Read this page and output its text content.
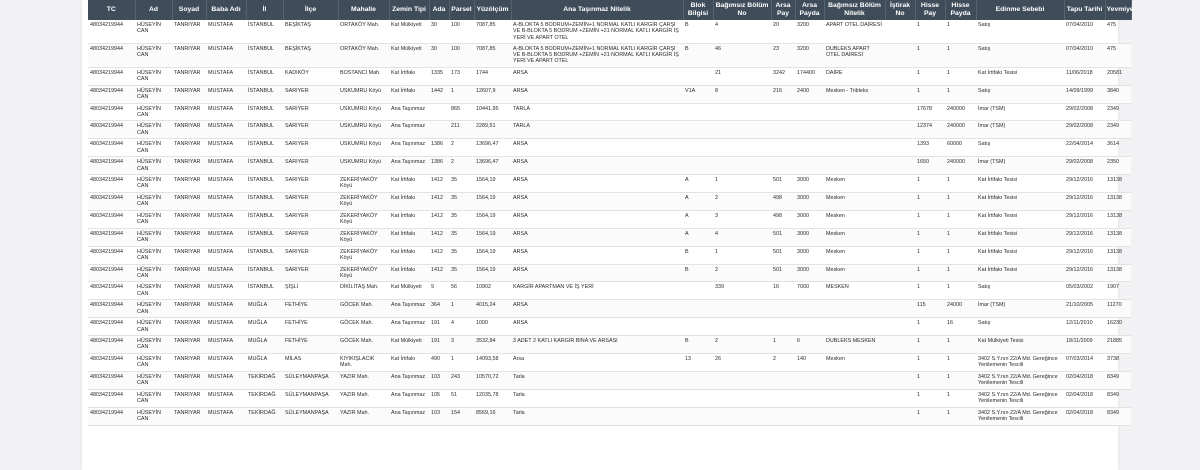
TC	Ad	Soyad	Baba Adı	İl	İlçe	Mahalle	Zemin Tipi	Ada	Parsel	Yüzölçüm	Ana Taşınmaz Nitelik	Blok Bilgisi	Bağımsız Bölüm No	Arsa Pay	Arsa Payda	Bağımsız Bölüm Nitelik	İştirak No	Hisse Pay	Hisse Payda	Edinme Sebebi	Tapu Tarihi	Yevmiye
48034219944	HÜSEYİN CAN	TANRIYAR	MUSTAFA	İSTANBUL	BEŞİKTAŞ	ORTAKÖY Mah.	Kat Mülkiyeti	30	100	7087,85	A-BLOKTA 5 BODRUM+ZEMİN+1 NORMAL KATLI KARGİR ÇARŞI VE B-BLOKTA 5 BODRUM +ZEMİN +21 NORMAL KATLI KARGİR İŞ YERİ VE APART OTEL	B	4	20	3200	APART OTEL DAİRESİ		1	1	Satış	07/04/2010	475
48034219944	HÜSEYİN CAN	TANRIYAR	MUSTAFA	İSTANBUL	BEŞİKTAŞ	ORTAKÖY Mah.	Kat Mülkiyeti	30	100	7087,85	A-BLOKTA 5 BODRUM+ZEMİN+1 NORMAL KATLI KARGİR ÇARŞI VE B-BLOKTA 5 BODRUM +ZEMİN +21 NORMAL KATLI KARGİR İŞ YERİ VE APART OTEL	B	46	23	3200	DUBLEKS APART OTEL DAİRESİ		1	1	Satış	07/04/2010	475
48034219944	HÜSEYİN CAN	TANRIYAR	MUSTAFA	İSTANBUL	KADIKÖY	BOSTANCI Mah.	Kat İrtifakı	1335	173	1744	ARSA		21	3242	174400	DAİRE		1	1	Kat İrtifakı Tesisi	11/06/2018	20581
48034219944	HÜSEYİN CAN	TANRIYAR	MUSTAFA	İSTANBUL	SARIYER	USKUMRU Köyü	Kat İrtifakı	1442	1	12607,9	ARSA	V1A	8	216	2400	Mesken - Tribleks		1	1	Satış	14/09/1999	3840
48034219944	HÜSEYİN CAN	TANRIYAR	MUSTAFA	İSTANBUL	SARIYER	USKUMRU Köyü	Ana Taşınmaz		865	10441,95	TARLA							17678	240000	İmar (TSM)	29/02/2008	2349
48034219944	HÜSEYİN CAN	TANRIYAR	MUSTAFA	İSTANBUL	SARIYER	USKUMRU Köyü	Ana Taşınmaz		211	2289,51	TARLA							12374	240000	İmar (TSM)	29/02/2008	2349
48034219944	HÜSEYİN CAN	TANRIYAR	MUSTAFA	İSTANBUL	SARIYER	USKUMRU Köyü	Ana Taşınmaz	1386	2	13696,47	ARSA							1393	60000	Satış	22/04/2014	3614
48034219944	HÜSEYİN CAN	TANRIYAR	MUSTAFA	İSTANBUL	SARIYER	USKUMRU Köyü	Ana Taşınmaz	1386	2	13696,47	ARSA							1650	240000	İmar (TSM)	29/02/2008	2350
48034219944	HÜSEYİN CAN	TANRIYAR	MUSTAFA	İSTANBUL	SARIYER	ZEKERİYAKÖY Köyü	Kat İrtifakı	1412	35	1564,19	ARSA	A	1	501	3000	Mesken		1	1	Kat İrtifakı Tesisi	29/12/2016	13138
48034219944	HÜSEYİN CAN	TANRIYAR	MUSTAFA	İSTANBUL	SARIYER	ZEKERİYAKÖY Köyü	Kat İrtifakı	1412	35	1564,19	ARSA	A	2	498	3000	Mesken		1	1	Kat İrtifakı Tesisi	29/12/2016	13138
48034219944	HÜSEYİN CAN	TANRIYAR	MUSTAFA	İSTANBUL	SARIYER	ZEKERİYAKÖY Köyü	Kat İrtifakı	1412	35	1564,19	ARSA	A	3	498	3000	Mesken		1	1	Kat İrtifakı Tesisi	29/12/2016	13138
48034219944	HÜSEYİN CAN	TANRIYAR	MUSTAFA	İSTANBUL	SARIYER	ZEKERİYAKÖY Köyü	Kat İrtifakı	1412	35	1564,19	ARSA	A	4	501	3000	Mesken		1	1	Kat İrtifakı Tesisi	29/12/2016	13138
48034219944	HÜSEYİN CAN	TANRIYAR	MUSTAFA	İSTANBUL	SARIYER	ZEKERİYAKÖY Köyü	Kat İrtifakı	1412	35	1564,19	ARSA	B	1	501	3000	Mesken		1	1	Kat İrtifakı Tesisi	29/12/2016	13138
48034219944	HÜSEYİN CAN	TANRIYAR	MUSTAFA	İSTANBUL	SARIYER	ZEKERİYAKÖY Köyü	Kat İrtifakı	1412	35	1564,19	ARSA	B	2	501	3000	Mesken		1	1	Kat İrtifakı Tesisi	29/12/2016	13138
48034219944	HÜSEYİN CAN	TANRIYAR	MUSTAFA	İSTANBUL	ŞİŞLİ	DİKİLİTAŞ Mah.	Kat Mülkiyeti	9	56	10902	KARGİR APARTMAN VE İŞ YERİ		339	16	7000	MESKEN		1	1	Satış	05/03/2002	1907
48034219944	HÜSEYİN CAN	TANRIYAR	MUSTAFA	MUĞLA	FETHİYE	GÖCEK Mah.	Ana Taşınmaz	364	1	4015,24	ARSA							115	24000	İmar (TSM)	21/10/2005	11270
48034219944	HÜSEYİN CAN	TANRIYAR	MUSTAFA	MUĞLA	FETHİYE	GÖCEK Mah.	Ana Taşınmaz	191	4	1000	ARSA							1	16	Satış	12/11/2010	16230
48034219944	HÜSEYİN CAN	TANRIYAR	MUSTAFA	MUĞLA	FETHİYE	GÖCEK Mah.	Kat Mülkiyeti	191	3	3532,84	3 ADET 2 KATLI KARGİR BİNA VE ARSASI	B	2	1	6	DUBLEKS MESKEN		1	1	Kat Mülkiyeti Tesisi	18/11/2009	21885
48034219944	HÜSEYİN CAN	TANRIYAR	MUSTAFA	MUĞLA	MİLAS	KIYIKIŞLACIK Mah.	Kat İrtifakı	490	1	14093,58	Arsa	13	26	2	140	Mesken		1	1	3402 S.Y.nın 22/A Md. Gereğince Yenilemenin Tescili	07/03/2014	3738
48034219944	HÜSEYİN CAN	TANRIYAR	MUSTAFA	TEKİRDAĞ	SÜLEYMANPAŞA	YAZIR Mah.	Ana Taşınmaz	103	243	10570,72	Tarla							1	1	3402 S.Y.nın 22/A Md. Gereğince Yenilemenin Tescili	02/04/2018	8349
48034219944	HÜSEYİN CAN	TANRIYAR	MUSTAFA	TEKİRDAĞ	SÜLEYMANPAŞA	YAZIR Mah.	Ana Taşınmaz	105	51	12035,78	Tarla							1	1	3402 S.Y.nın 22/A Md. Gereğince Yenilemenin Tescili	02/04/2018	8349
48034219944	HÜSEYİN CAN	TANRIYAR	MUSTAFA	TEKİRDAĞ	SÜLEYMANPAŞA	YAZIR Mah.	Ana Taşınmaz	103	154	8569,16	Tarla							1	1	3402 S.Y.nın 22/A Md. Gereğince Yenilemenin Tescili	02/04/2018	8349
